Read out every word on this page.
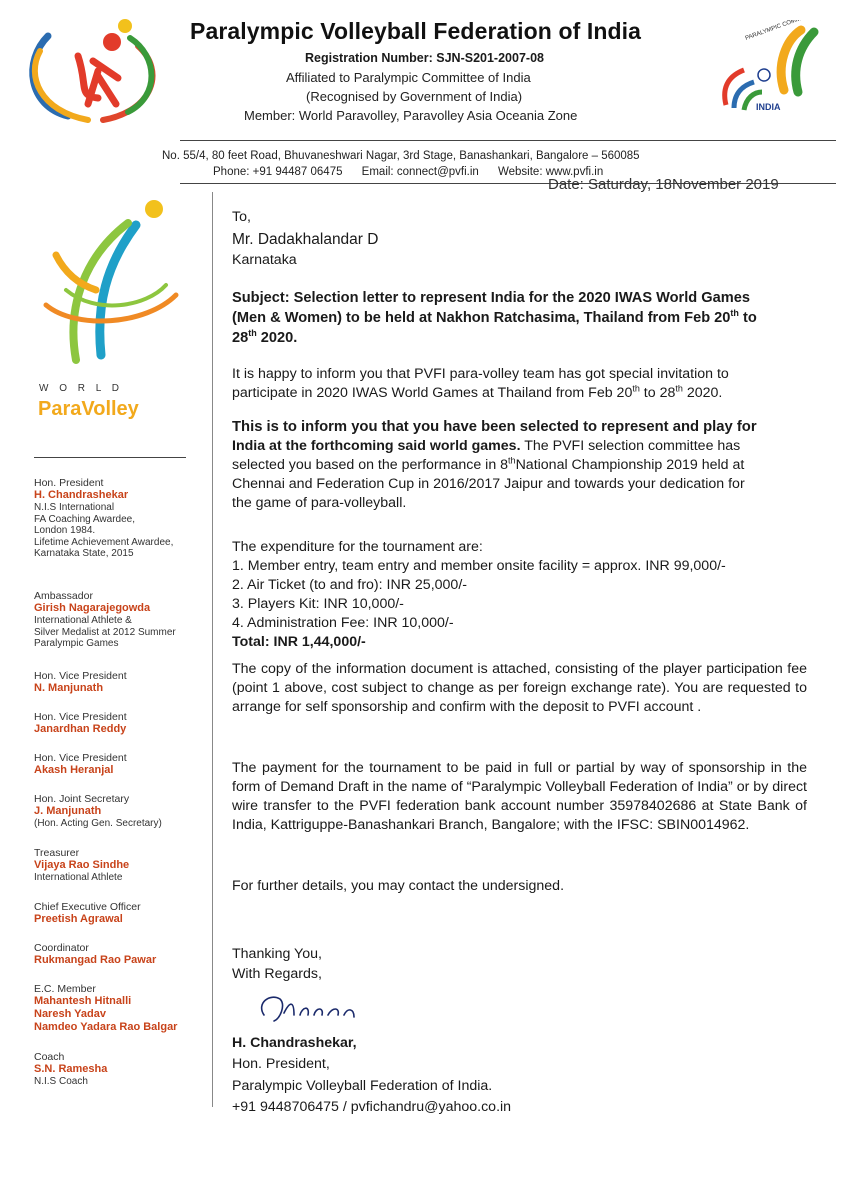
Paralympic Volleyball Federation of India
Registration Number: SJN-S201-2007-08
Affiliated to Paralympic Committee of India
(Recognised by Government of India)
Member: World Paravolley, Paravolley Asia Oceania Zone
PARALYMPIC COMMITTEE
INDIA
No. 55/4, 80 feet Road, Bhuvaneshwari Nagar, 3rd Stage, Banashankari, Bangalore – 560085
Phone: +91 94487 06475 Email: connect@pvfi.in Website: www.pvfi.in
Date: Saturday, 18November 2019
W O R L D
ParaVolley
Hon. President
H. Chandrashekar
N.I.S International
FA Coaching Awardee,
London 1984.
Lifetime Achievement Awardee,
Karnataka State, 2015
Ambassador
Girish Nagarajegowda
International Athlete &
Silver Medalist at 2012 Summer
Paralympic Games
Hon. Vice President
N. Manjunath
Hon. Vice President
Janardhan Reddy
Hon. Vice President
Akash Heranjal
Hon. Joint Secretary
J. Manjunath
(Hon. Acting Gen. Secretary)
Treasurer
Vijaya Rao Sindhe
International Athlete
Chief Executive Officer
Preetish Agrawal
Coordinator
Rukmangad Rao Pawar
E.C. Member
Mahantesh Hitnalli
Naresh Yadav
Namdeo Yadara Rao Balgar
Coach
S.N. Ramesha
N.I.S Coach
To,
Mr. Dadakhalandar D
Karnataka
Subject: Selection letter to represent India for the 2020 IWAS World Games
(Men & Women) to be held at Nakhon Ratchasima, Thailand from Feb 20th to
28th 2020.
It is happy to inform you that PVFI para-volley team has got special invitation to
participate in 2020 IWAS World Games at Thailand from Feb 20th to 28th 2020.
This is to inform you that you have been selected to represent and play for
India at the forthcoming said world games. The PVFI selection committee has
selected you based on the performance in 8thNational Championship 2019 held at
Chennai and Federation Cup in 2016/2017 Jaipur and towards your dedication for
the game of para-volleyball.
The expenditure for the tournament are:
1. Member entry, team entry and member onsite facility = approx. INR 99,000/-
2. Air Ticket (to and fro): INR 25,000/-
3. Players Kit: INR 10,000/-
4. Administration Fee: INR 10,000/-
Total: INR 1,44,000/-
The copy of the information document is attached, consisting of the player participation fee (point 1 above, cost subject to change as per foreign exchange rate). You are requested to arrange for self sponsorship and confirm with the deposit to PVFI account .
The payment for the tournament to be paid in full or partial by way of sponsorship in the form of Demand Draft in the name of “Paralympic Volleyball Federation of India” or by direct wire transfer to the PVFI federation bank account number 35978402686 at State Bank of India, Kattriguppe-Banashankari Branch, Bangalore; with the IFSC: SBIN0014962.
For further details, you may contact the undersigned.
Thanking You,
With Regards,
H. Chandrashekar,
Hon. President,
Paralympic Volleyball Federation of India.
+91 9448706475 / pvfichandru@yahoo.co.in
